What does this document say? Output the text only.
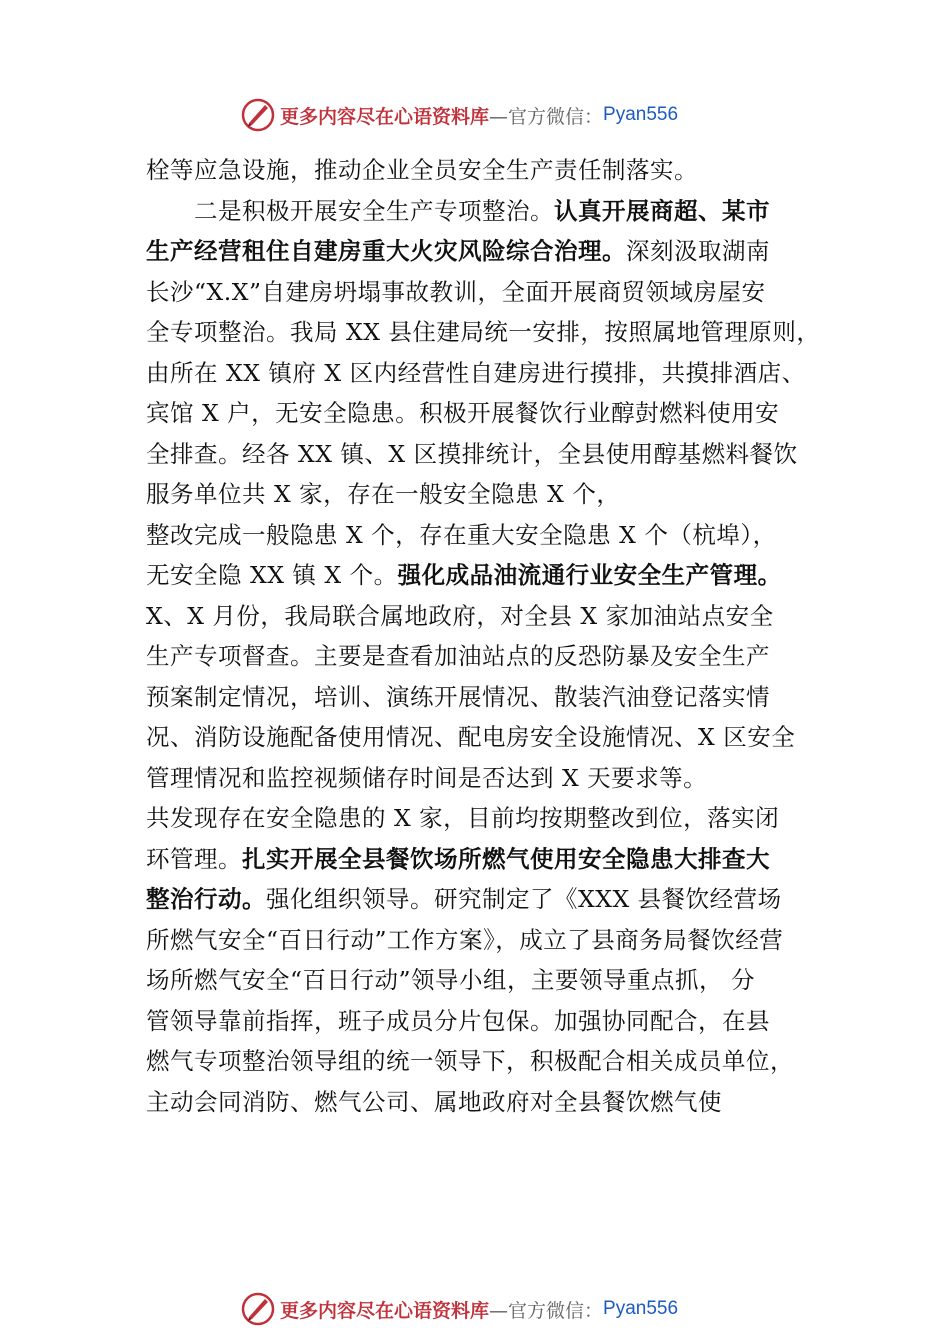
更多内容尽在心语资料库 —官方微信： Pyan556
栓等应急设施，推动企业全员安全生产责任制落实。
　　二是积极开展安全生产专项整治。认真开展商超、某市
生产经营租住自建房重大火灾风险综合治理。深刻汲取湖南
长沙“X.X”自建房坍塌事故教训，全面开展商贸领域房屋安
全专项整治。我局 XX 县住建局统一安排，按照属地管理原则，
由所在 XX 镇府 X 区内经营性自建房进行摸排，共摸排酒店、
宾馆 X 户，无安全隐患。积极开展餐饮行业醇尌燃料使用安
全排查。经各 XX 镇、X 区摸排统计，全县使用醇基燃料餐饮
服务单位共 X 家，存在一般安全隐患 X 个，
整改完成一般隐患 X 个，存在重大安全隐患 X 个（杭埠），
无安全隐 XX 镇 X 个。强化成品油流通行业安全生产管理。
X、X 月份，我局联合属地政府，对全县 X 家加油站点安全
生产专项督查。主要是查看加油站点的反恐防暴及安全生产
预案制定情况，培训、演练开展情况、散装汽油登记落实情
况、消防设施配备使用情况、配电房安全设施情况、X 区安全
管理情况和监控视频储存时间是否达到 X 天要求等。
共发现存在安全隐患的 X 家，目前均按期整改到位，落实闭
环管理。扎实开展全县餐饮场所燃气使用安全隐患大排查大
整治行动。强化组织领导。研究制定了《XXX 县餐饮经营场
所燃气安全“百日行动”工作方案》，成立了县商务局餐饮经营
场所燃气安全“百日行动”领导小组，主要领导重点抓， 分
管领导靠前指挥，班子成员分片包保。加强协同配合，在县
燃气专项整治领导组的统一领导下，积极配合相关成员单位，
主动会同消防、燃气公司、属地政府对全县餐饮燃气使
更多内容尽在心语资料库 —官方微信： Pyan556
